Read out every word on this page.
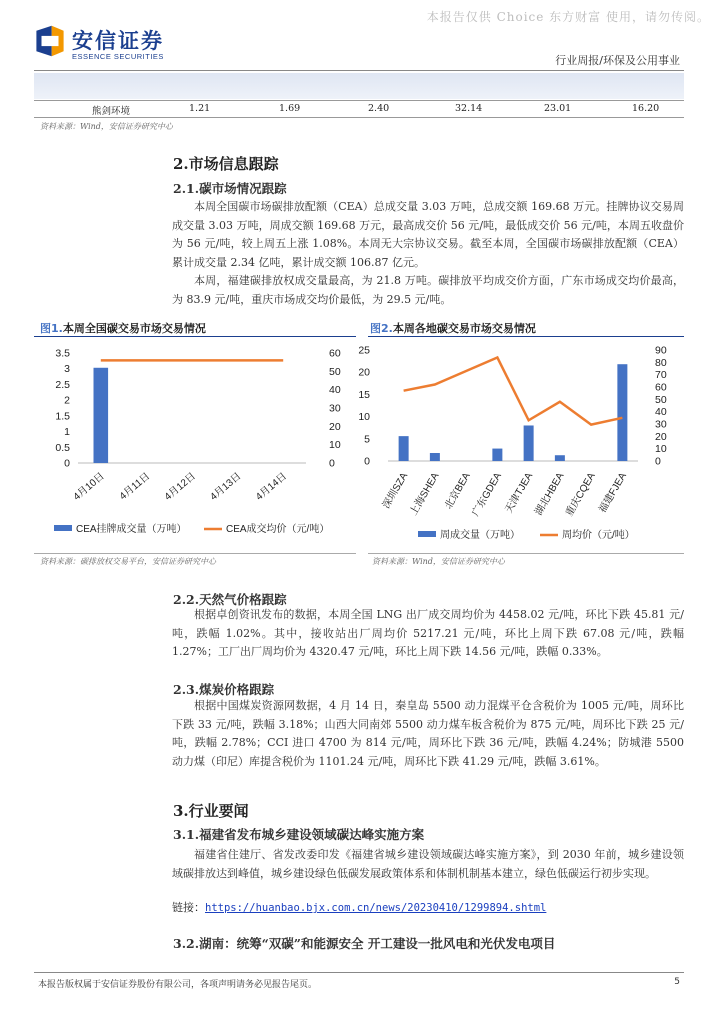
本报告仅供 Choice 东方财富 使用，请勿传阅。
安信证券
ESSENCE SECURITIES	行业周报/环保及公用事业
熊剑环境	1.21	1.69	2.40	32.14	23.01	16.20
资料来源：Wind，安信证券研究中心
2.市场信息跟踪
2.1.碳市场情况跟踪

本周全国碳市场碳排放配额（CEA）总成交量 3.03 万吨，总成交额 169.68 万元。挂牌协议交易周成交量 3.03 万吨，周成交额 169.68 万元，最高成交价 56 元/吨，最低成交价 56 元/吨，本周五收盘价为 56 元/吨，较上周五上涨 1.08%。本周无大宗协议交易。截至本周，全国碳市场碳排放配额（CEA）累计成交量 2.34 亿吨，累计成交额 106.87 亿元。

本周，福建碳排放权成交量最高，为 21.8 万吨。碳排放平均成交价方面，广东市场成交均价最高，为 83.9 元/吨，重庆市场成交均价最低，为 29.5 元/吨。

图1.本周全国碳交易市场交易情况
0
0.5
1
1.5
2
2.5
3
3.5
0
10
20
30
40
50
60
4月10日 4月11日 4月12日 4月13日 4月14日
CEA挂牌成交量（万吨）	CEA成交均价（元/吨）
资料来源：碳排放权交易平台，安信证券研究中心
图2.本周各地碳交易市场交易情况
0
5
10
15
20
25
0
10
20
30
40
50
60
70
80
90
深圳SZA
上海SHEA 北京BEA
广东GDEA 天津TJEA
湖北HBEA
重庆CQEA 福建FJEA
周成交量（万吨）	周均价（元/吨）
资料来源：Wind，安信证券研究中心
2.2.天然气价格跟踪

根据卓创资讯发布的数据，本周全国 LNG 出厂成交周均价为 4458.02 元/吨，环比下跌 45.81 元/吨，跌幅 1.02%。其中，接收站出厂周均价 5217.21 元/吨，环比上周下跌 67.08 元/吨，跌幅 1.27%；工厂出厂周均价为 4320.47 元/吨，环比上周下跌 14.56 元/吨，跌幅 0.33%。

2.3.煤炭价格跟踪

根据中国煤炭资源网数据，4 月 14 日，秦皇岛 5500 动力混煤平仓含税价为 1005 元/吨，周环比下跌 33 元/吨，跌幅 3.18%；山西大同南郊 5500 动力煤车板含税价为 875 元/吨，周环比下跌 25 元/吨，跌幅 2.78%；CCI 进口 4700 为 814 元/吨，周环比下跌 36 元/吨，跌幅 4.24%；防城港 5500 动力煤（印尼）库提含税价为 1101.24 元/吨，周环比下跌 41.29 元/吨，跌幅 3.61%。

3.行业要闻
3.1.福建省发布城乡建设领域碳达峰实施方案

福建省住建厅、省发改委印发《福建省城乡建设领域碳达峰实施方案》，到 2030 年前，城乡建设领域碳排放达到峰值，城乡建设绿色低碳发展政策体系和体制机制基本建立，绿色低碳运行初步实现。

链接：https://huanbao.bjx.com.cn/news/20230410/1299894.shtml
3.2.湖南：统筹“双碳”和能源安全 开工建设一批风电和光伏发电项目
本报告版权属于安信证券股份有限公司，各项声明请务必见报告尾页。	5
